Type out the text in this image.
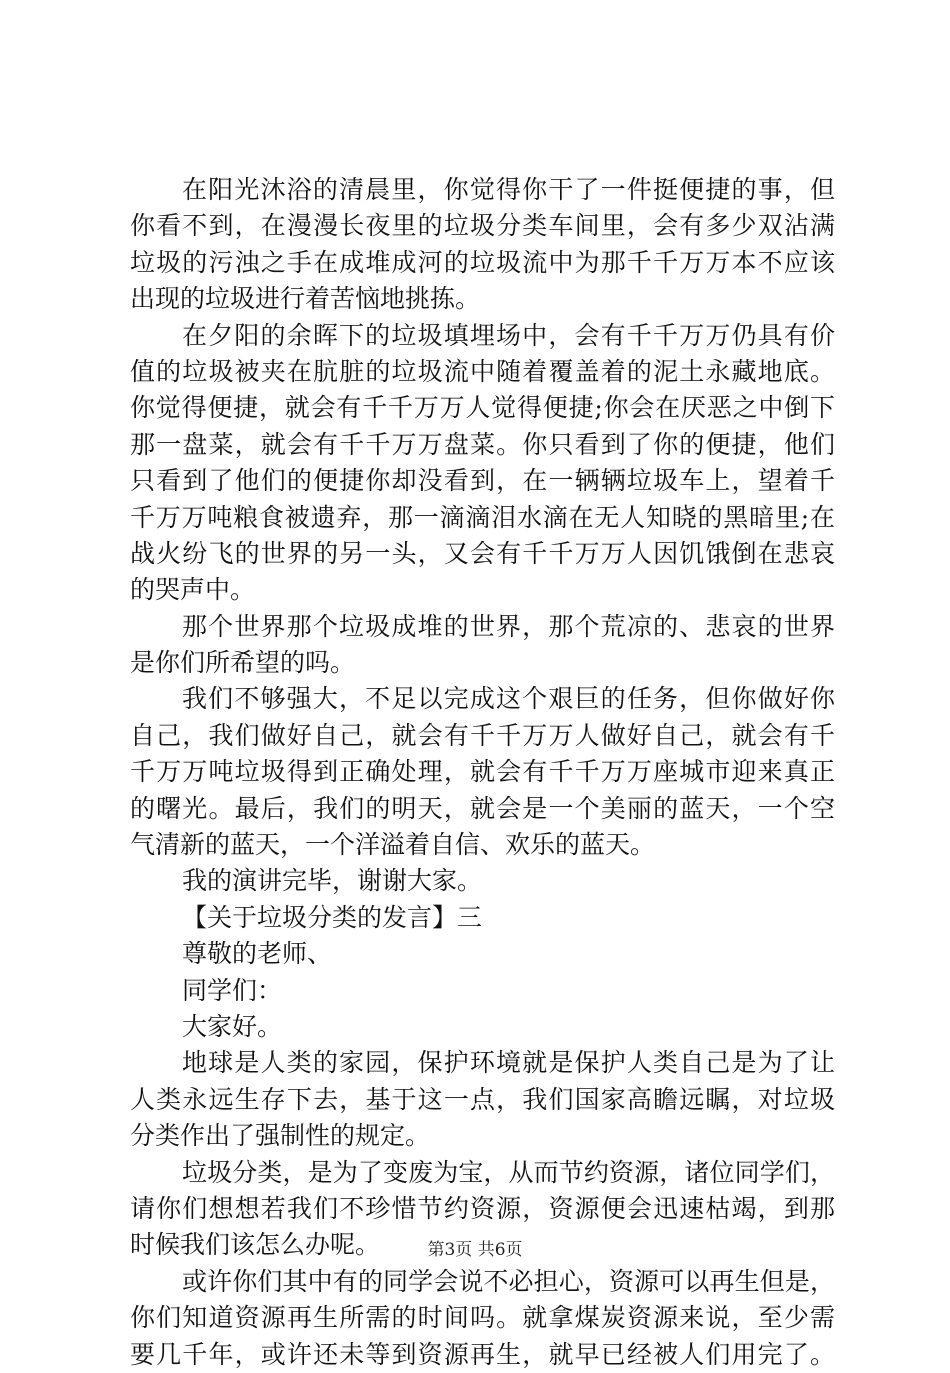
在阳光沐浴的清晨里，你觉得你干了一件挺便捷的事，但
你看不到，在漫漫长夜里的垃圾分类车间里，会有多少双沾满
垃圾的污浊之手在成堆成河的垃圾流中为那千千万万本不应该
出现的垃圾进行着苦恼地挑拣。
在夕阳的余晖下的垃圾填埋场中，会有千千万万仍具有价
值的垃圾被夹在肮脏的垃圾流中随着覆盖着的泥土永藏地底。
你觉得便捷，就会有千千万万人觉得便捷;你会在厌恶之中倒下
那一盘菜，就会有千千万万盘菜。你只看到了你的便捷，他们
只看到了他们的便捷你却没看到，在一辆辆垃圾车上，望着千
千万万吨粮食被遗弃，那一滴滴泪水滴在无人知晓的黑暗里;在
战火纷飞的世界的另一头，又会有千千万万人因饥饿倒在悲哀
的哭声中。
那个世界那个垃圾成堆的世界，那个荒凉的、悲哀的世界
是你们所希望的吗。
我们不够强大，不足以完成这个艰巨的任务，但你做好你
自己，我们做好自己，就会有千千万万人做好自己，就会有千
千万万吨垃圾得到正确处理，就会有千千万万座城市迎来真正
的曙光。最后，我们的明天，就会是一个美丽的蓝天，一个空
气清新的蓝天，一个洋溢着自信、欢乐的蓝天。
我的演讲完毕，谢谢大家。
【关于垃圾分类的发言】三
尊敬的老师、
同学们：
大家好。
地球是人类的家园，保护环境就是保护人类自己是为了让
人类永远生存下去，基于这一点，我们国家高瞻远瞩，对垃圾
分类作出了强制性的规定。
垃圾分类，是为了变废为宝，从而节约资源，诸位同学们，
请你们想想若我们不珍惜节约资源，资源便会迅速枯竭，到那
时候我们该怎么办呢。
或许你们其中有的同学会说不必担心，资源可以再生但是，
你们知道资源再生所需的时间吗。就拿煤炭资源来说，至少需
要几千年，或许还未等到资源再生，就早已经被人们用完了。
第3页 共6页
